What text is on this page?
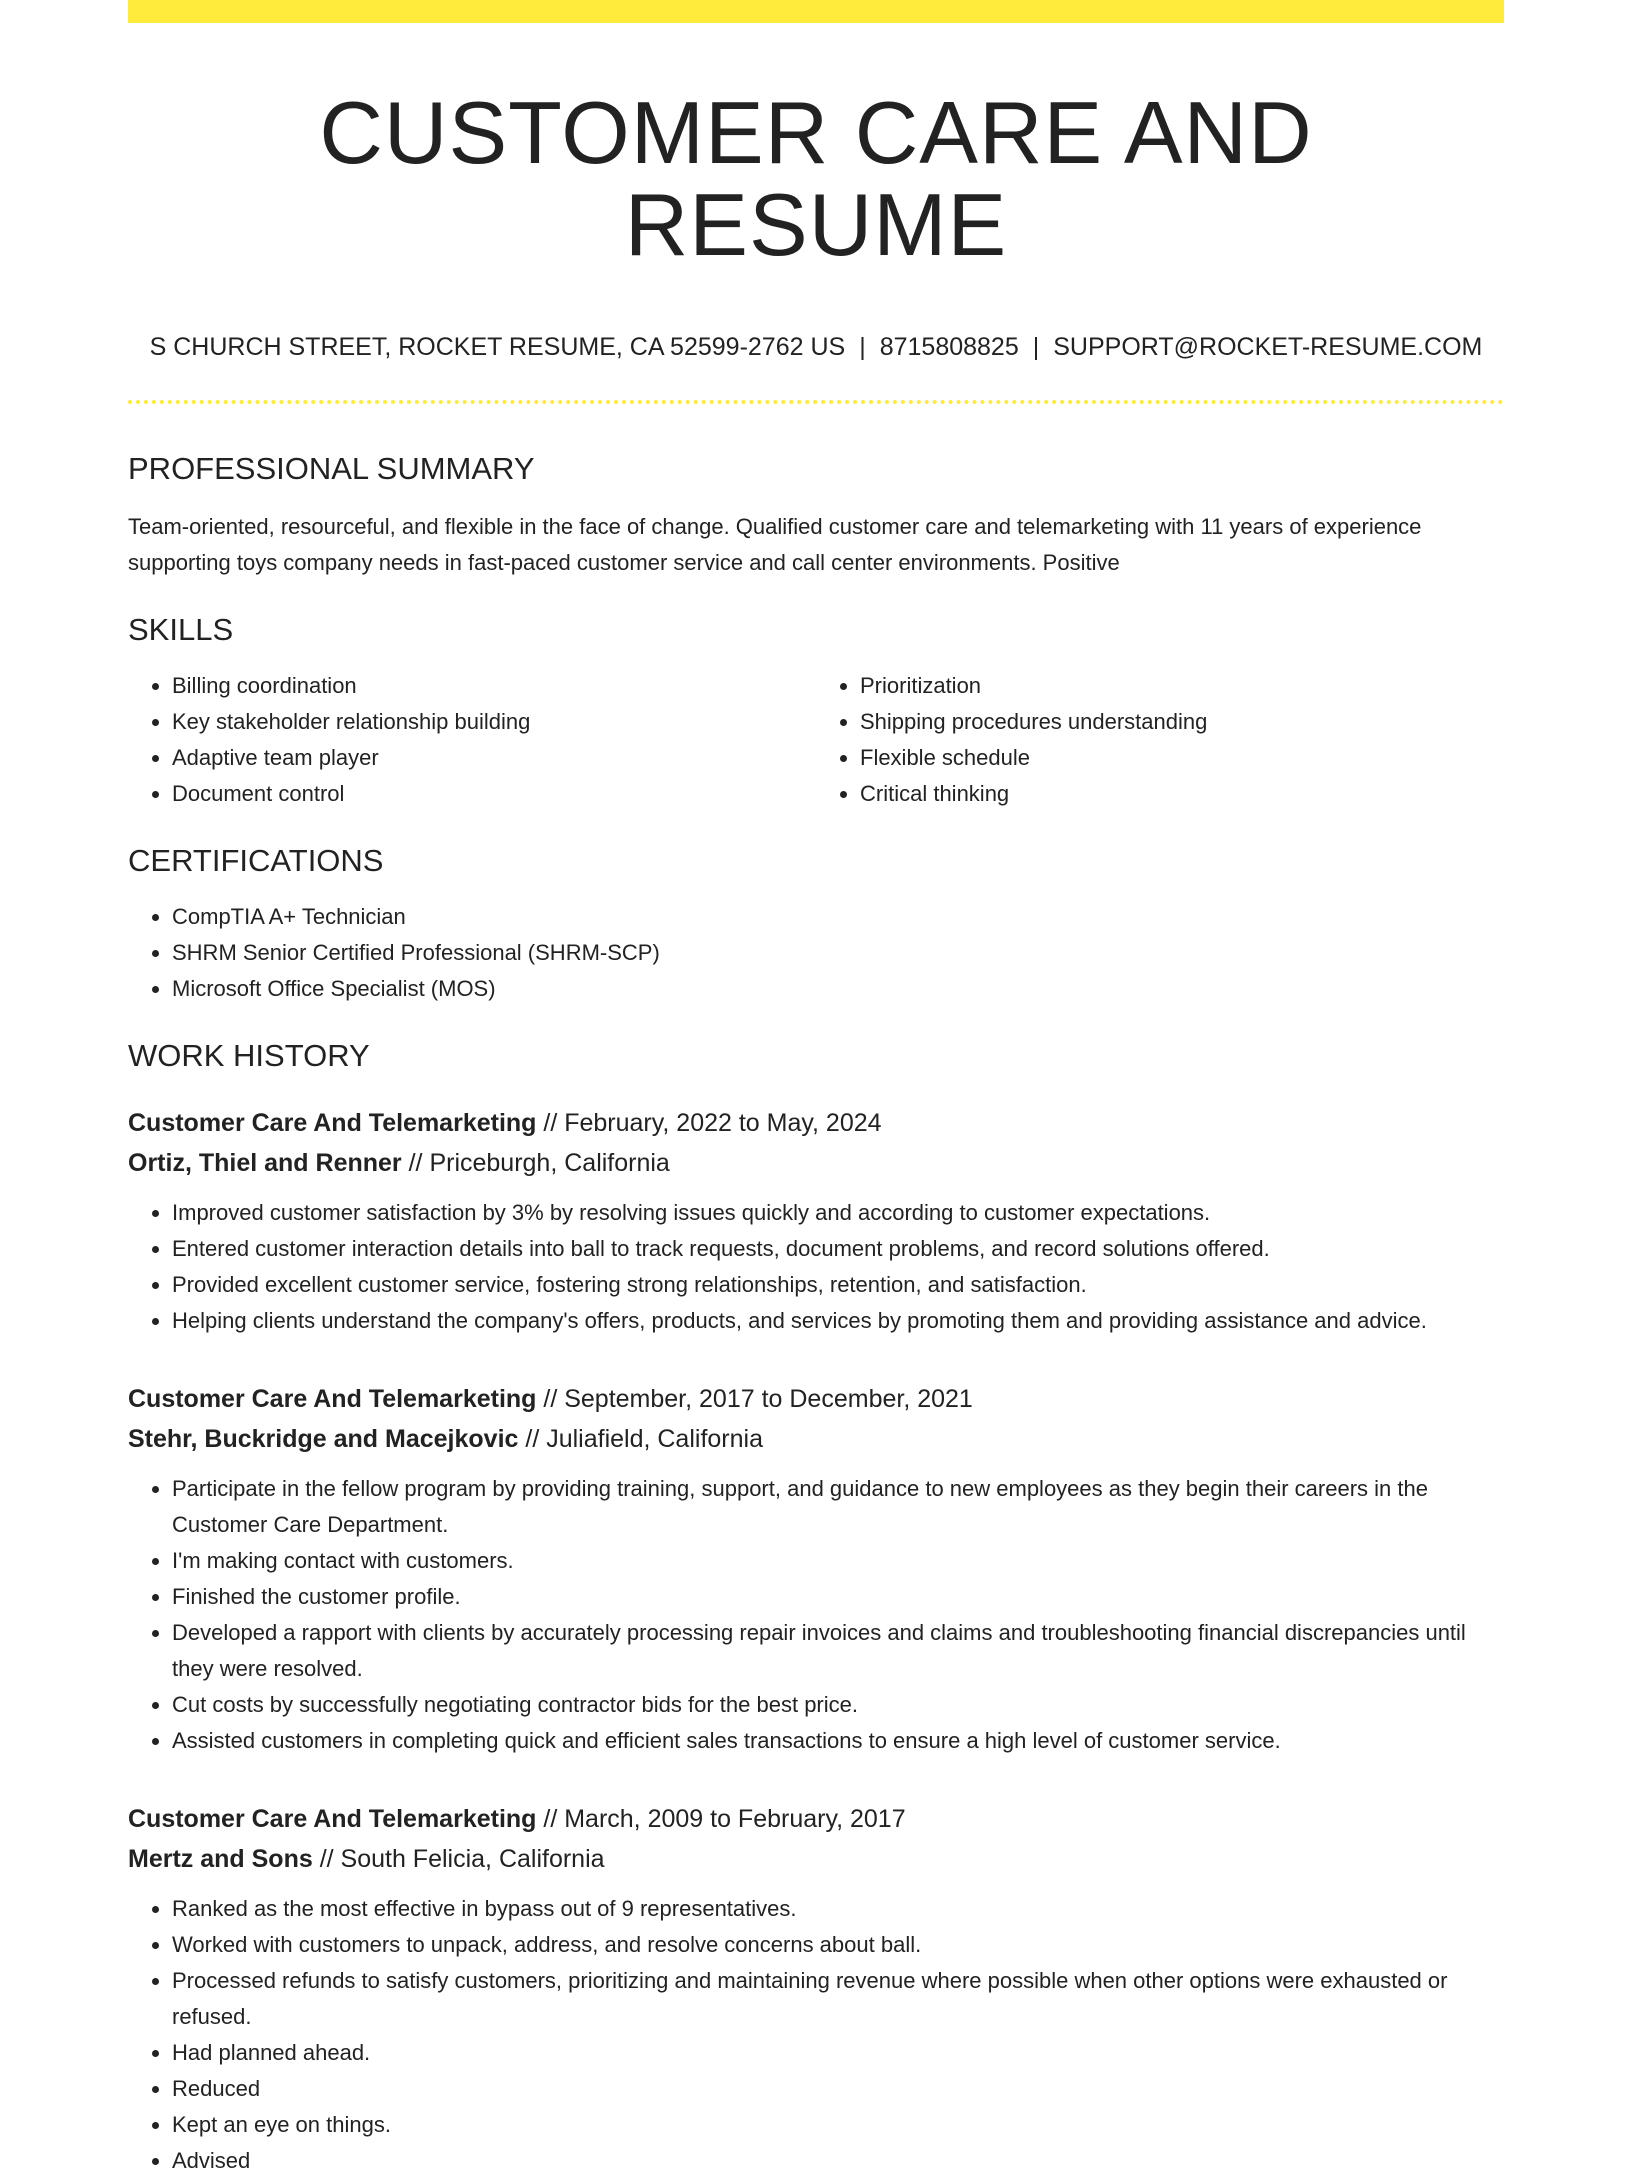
CUSTOMER CARE AND RESUME
S CHURCH STREET, ROCKET RESUME, CA 52599-2762 US | 8715808825 | SUPPORT@ROCKET-RESUME.COM
PROFESSIONAL SUMMARY

Team-oriented, resourceful, and flexible in the face of change. Qualified customer care and telemarketing with 11 years of experience supporting toys company needs in fast-paced customer service and call center environments. Positive

SKILLS
• Billing coordination
• Key stakeholder relationship building
• Adaptive team player
• Document control
• Prioritization
• Shipping procedures understanding
• Flexible schedule
• Critical thinking
CERTIFICATIONS
• CompTIA A+ Technician
• SHRM Senior Certified Professional (SHRM-SCP)
• Microsoft Office Specialist (MOS)
WORK HISTORY
Customer Care And Telemarketing // February, 2022 to May, 2024
Ortiz, Thiel and Renner // Priceburgh, California
• Improved customer satisfaction by 3% by resolving issues quickly and according to customer expectations.
• Entered customer interaction details into ball to track requests, document problems, and record solutions offered.
• Provided excellent customer service, fostering strong relationships, retention, and satisfaction.
• Helping clients understand the company's offers, products, and services by promoting them and providing assistance and advice.
Customer Care And Telemarketing // September, 2017 to December, 2021
Stehr, Buckridge and Macejkovic // Juliafield, California
• Participate in the fellow program by providing training, support, and guidance to new employees as they begin their careers in the Customer Care Department.
• I'm making contact with customers.
• Finished the customer profile.
• Developed a rapport with clients by accurately processing repair invoices and claims and troubleshooting financial discrepancies until they were resolved.
• Cut costs by successfully negotiating contractor bids for the best price.
• Assisted customers in completing quick and efficient sales transactions to ensure a high level of customer service.
Customer Care And Telemarketing // March, 2009 to February, 2017
Mertz and Sons // South Felicia, California
• Ranked as the most effective in bypass out of 9 representatives.
• Worked with customers to unpack, address, and resolve concerns about ball.
• Processed refunds to satisfy customers, prioritizing and maintaining revenue where possible when other options were exhausted or refused.
• Had planned ahead.
• Reduced
• Kept an eye on things.
• Advised
